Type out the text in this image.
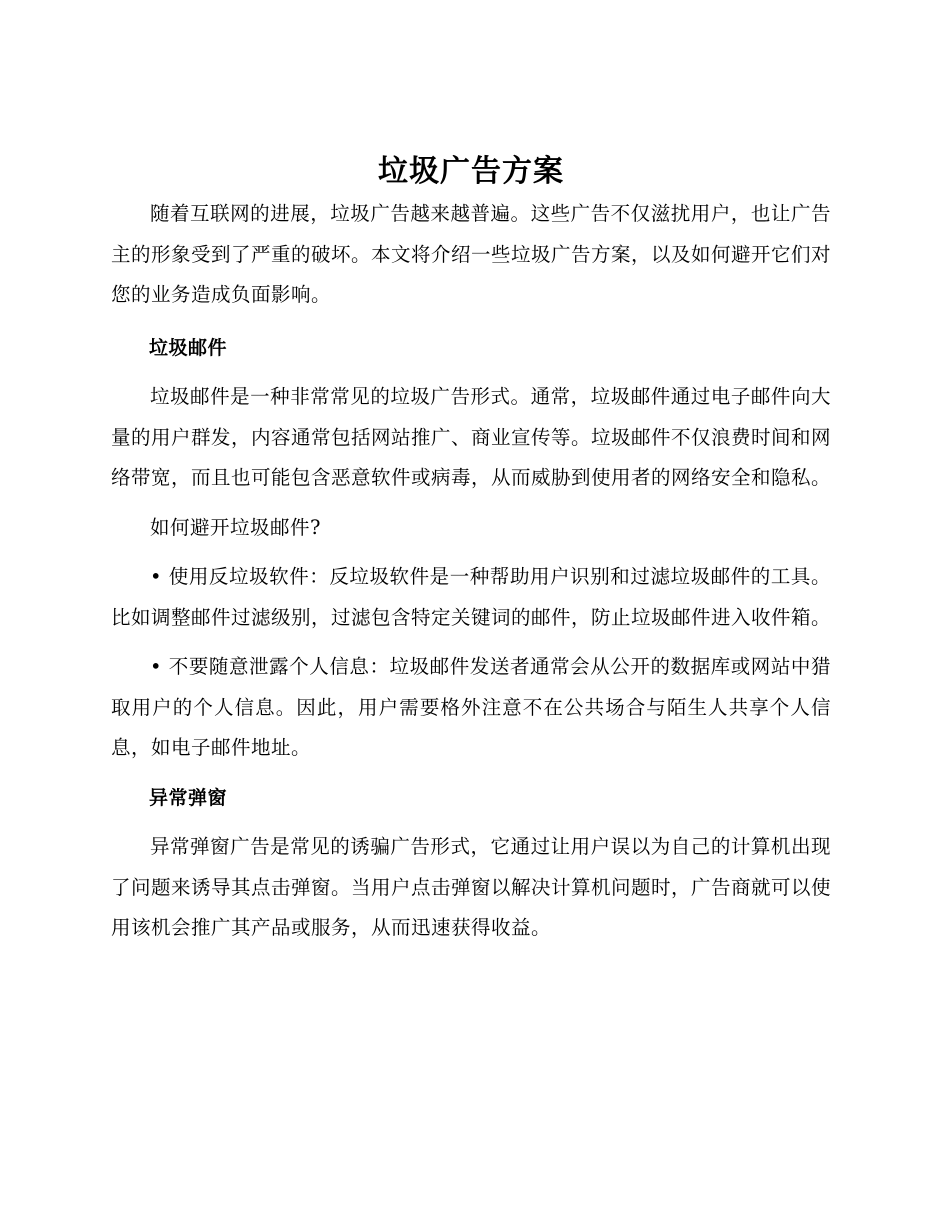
垃圾广告方案

随着互联网的进展，垃圾广告越来越普遍。这些广告不仅滋扰用户，也让广告主的形象受到了严重的破坏。本文将介绍一些垃圾广告方案，以及如何避开它们对您的业务造成负面影响。

垃圾邮件

垃圾邮件是一种非常常见的垃圾广告形式。通常，垃圾邮件通过电子邮件向大量的用户群发，内容通常包括网站推广、商业宣传等。垃圾邮件不仅浪费时间和网络带宽，而且也可能包含恶意软件或病毒，从而威胁到使用者的网络安全和隐私。

如何避开垃圾邮件?

• 使用反垃圾软件：反垃圾软件是一种帮助用户识别和过滤垃圾邮件的工具。比如调整邮件过滤级别，过滤包含特定关键词的邮件，防止垃圾邮件进入收件箱。

• 不要随意泄露个人信息：垃圾邮件发送者通常会从公开的数据库或网站中猎取用户的个人信息。因此，用户需要格外注意不在公共场合与陌生人共享个人信息，如电子邮件地址。

异常弹窗

异常弹窗广告是常见的诱骗广告形式，它通过让用户误以为自己的计算机出现了问题来诱导其点击弹窗。当用户点击弹窗以解决计算机问题时，广告商就可以使用该机会推广其产品或服务，从而迅速获得收益。
